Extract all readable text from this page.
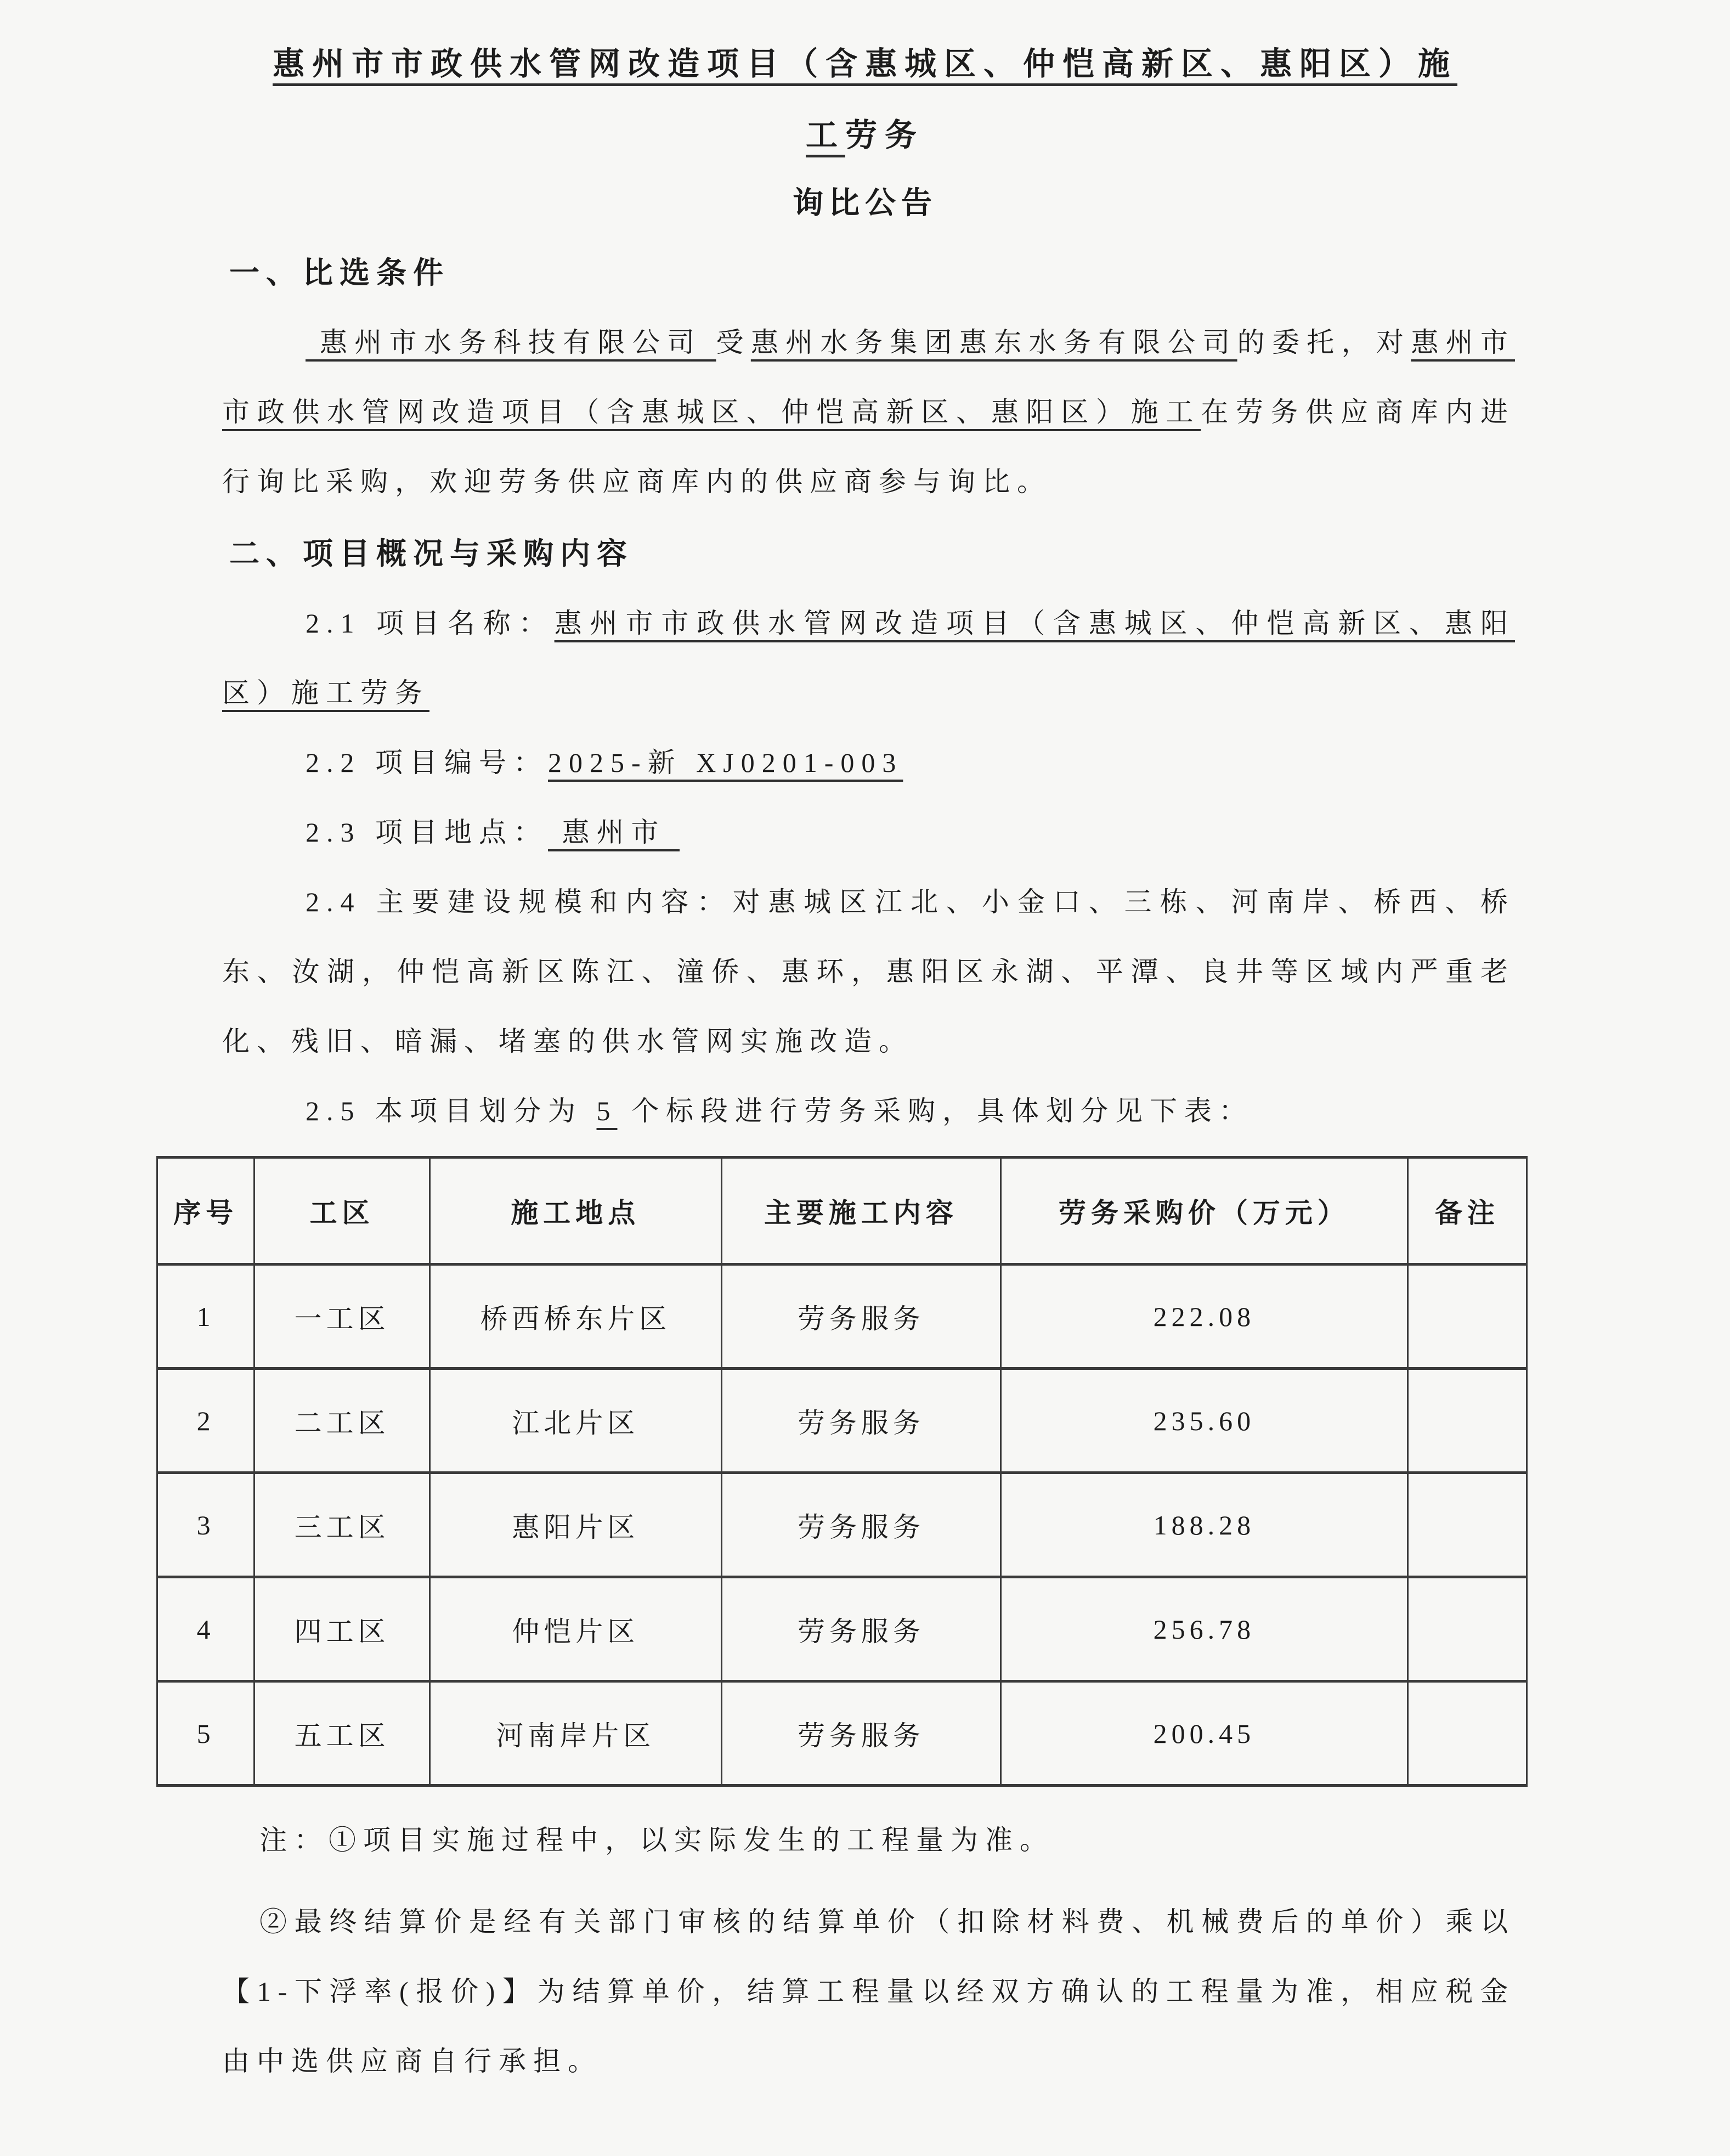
惠州市市政供水管网改造项目（含惠城区、仲恺高新区、惠阳区）施
工劳务
询比公告
一、比选条件

惠州市水务科技有限公司 受惠州水务集团惠东水务有限公司的委托，对惠州市市政供水管网改造项目（含惠城区、仲恺高新区、惠阳区）施工在劳务供应商库内进行询比采购，欢迎劳务供应商库内的供应商参与询比。

二、项目概况与采购内容

2.1 项目名称：惠州市市政供水管网改造项目（含惠城区、仲恺高新区、惠阳区）施工劳务

2.2 项目编号：2025-新 XJ0201-003

2.3 项目地点： 惠州市

2.4 主要建设规模和内容：对惠城区江北、小金口、三栋、河南岸、桥西、桥东、汝湖，仲恺高新区陈江、潼侨、惠环，惠阳区永湖、平潭、良井等区域内严重老化、残旧、暗漏、堵塞的供水管网实施改造。

2.5 本项目划分为 5 个标段进行劳务采购，具体划分见下表：

序号	工区	施工地点	主要施工内容	劳务采购价（万元）	备注
1	一工区	桥西桥东片区	劳务服务	222.08	
2	二工区	江北片区	劳务服务	235.60	
3	三工区	惠阳片区	劳务服务	188.28	
4	四工区	仲恺片区	劳务服务	256.78	
5	五工区	河南岸片区	劳务服务	200.45	

注：①项目实施过程中，以实际发生的工程量为准。

②最终结算价是经有关部门审核的结算单价（扣除材料费、机械费后的单价）乘以【1-下浮率(报价)】为结算单价，结算工程量以经双方确认的工程量为准，相应税金由中选供应商自行承担。
